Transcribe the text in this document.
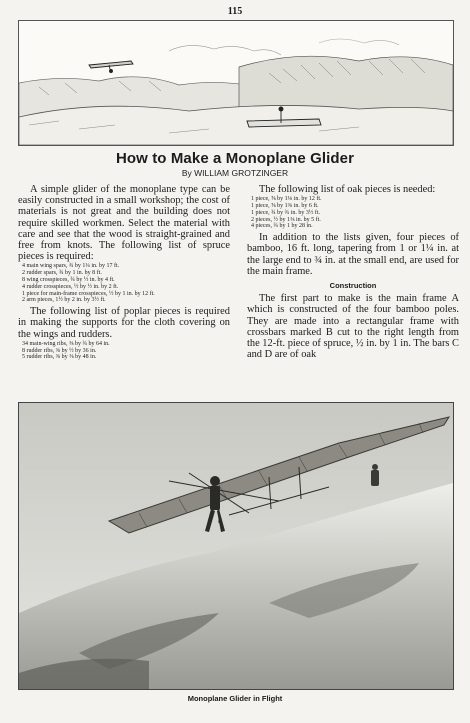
115
How to Make a Monoplane Glider
By WILLIAM GROTZINGER

A simple glider of the monoplane type can be easily constructed in a small workshop; the cost of materials is not great and the building does not require skilled workmen. Select the material with care and see that the wood is straight-grained and free from knots. The following list of spruce pieces is required:

4 main wing spars, ¾ by 1¼ in. by 17 ft.
2 rudder spars, ¾ by 1 in. by 8 ft.
8 wing crosspieces, ¾ by ½ in. by 4 ft.
4 rudder crosspieces, ½ by ½ in. by 2 ft.
1 piece for main-frame crosspieces, ½ by 1 in. by 12 ft.
2 arm pieces, 1½ by 2 in. by 3½ ft.

The following list of poplar pieces is required in making the supports for the cloth covering on the wings and rudders.

34 main-wing ribs, ⅜ by ¾ by 64 in.
8 rudder ribs, ⅜ by ½ by 36 in.
5 rudder ribs, ⅜ by ⅜ by 48 in.

The following list of oak pieces is needed:

1 piece, ⅝ by 1⅛ in. by 12 ft.
1 piece, ⅝ by 1⅜ in. by 6 ft.
1 piece, ¾ by ¾ in. by 3½ ft.
2 pieces, ½ by 1⅜ in. by 5 ft.
4 pieces, ¾ by 1 by 28 in.

In addition to the lists given, four pieces of bamboo, 16 ft. long, tapering from 1 or 1¼ in. at the large end to ¾ in. at the small end, are used for the main frame.

Construction

The first part to make is the main frame A which is constructed of the four bamboo poles. They are made into a rectangular frame with crossbars marked B cut to the right length from the 12-ft. piece of spruce, ½ in. by 1 in. The bars C and D are of oak

Monoplane Glider in Flight
